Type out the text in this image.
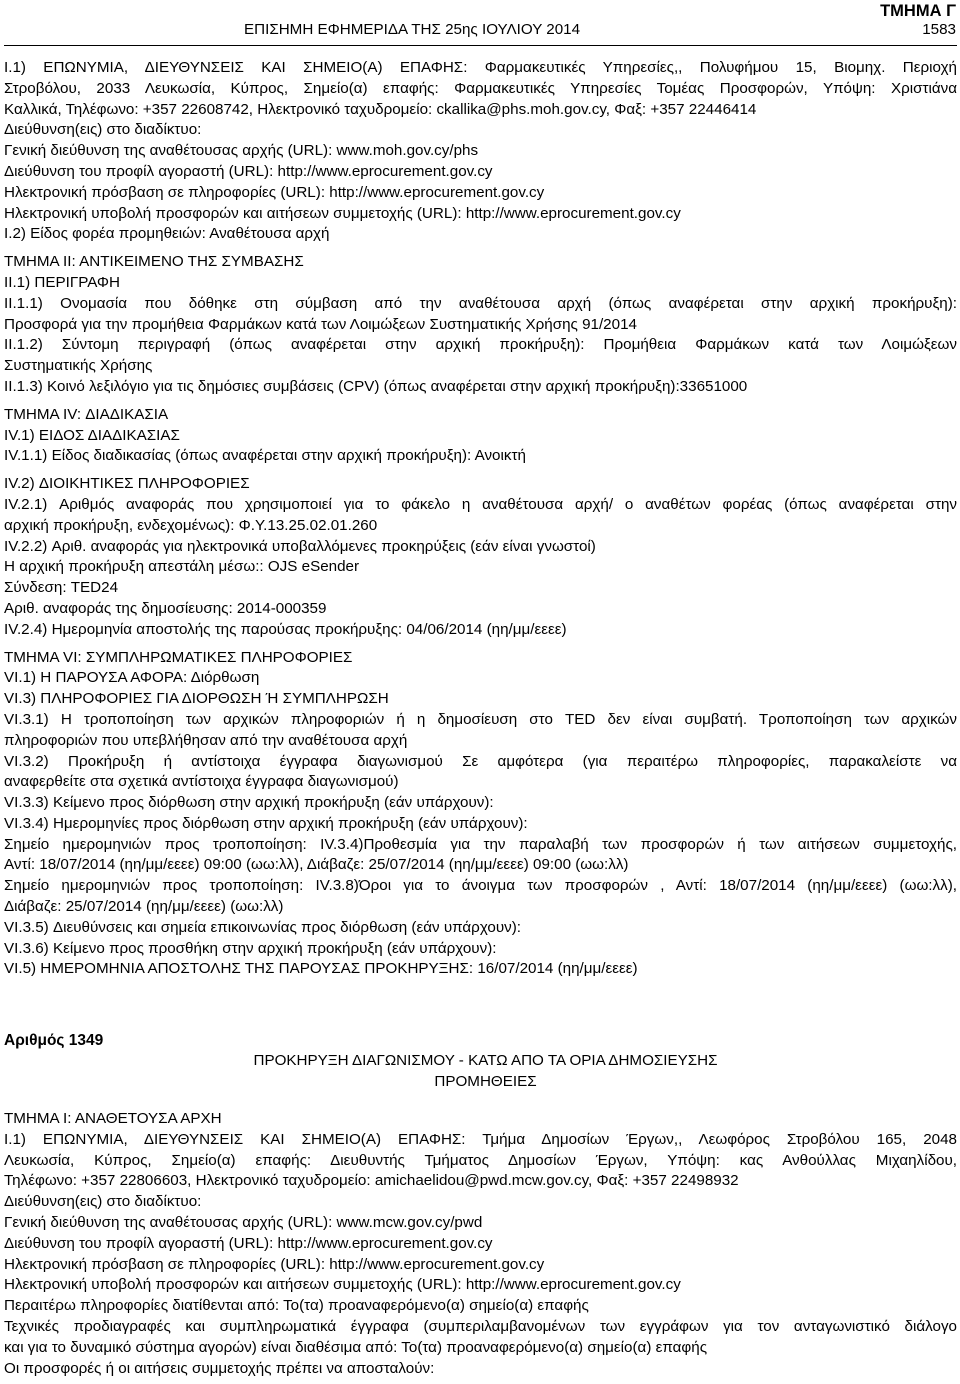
ΕΠΙΣΗΜΗ ΕΦΗΜΕΡΙΔΑ ΤΗΣ 25ης ΙΟΥΛΙΟΥ 2014
ΤΜΗΜΑ Γ
1583
Ι.1) ΕΠΩΝΥΜΙΑ, ΔΙΕΥΘΥΝΣΕΙΣ ΚΑΙ ΣΗΜΕΙΟ(Α) ΕΠΑΦΗΣ: Φαρμακευτικές Υπηρεσίες,, Πολυφήμου 15, Βιομηχ. Περιοχή
Στροβόλου, 2033 Λευκωσία, Κύπρος, Σημείο(α) επαφής: Φαρμακευτικές Υπηρεσίες Τομέας Προσφορών, Υπόψη: Χριστιάνα
Καλλικά, Τηλέφωνο: +357 22608742, Ηλεκτρονικό ταχυδρομείο: ckallika@phs.moh.gov.cy, Φαξ: +357 22446414
Διεύθυνση(εις) στο διαδίκτυο:
Γενική διεύθυνση της αναθέτουσας αρχής (URL): www.moh.gov.cy/phs
Διεύθυνση του προφίλ αγοραστή (URL): http://www.eprocurement.gov.cy
Ηλεκτρονική πρόσβαση σε πληροφορίες (URL): http://www.eprocurement.gov.cy
Ηλεκτρονική υποβολή προσφορών και αιτήσεων συμμετοχής (URL): http://www.eprocurement.gov.cy
Ι.2) Είδος φορέα προμηθειών: Αναθέτουσα αρχή
ΤΜΗΜΑ ΙΙ: ΑΝΤΙΚΕΙΜΕΝΟ ΤΗΣ ΣΥΜΒΑΣΗΣ
ΙΙ.1) ΠΕΡΙΓΡΑΦΗ
ΙΙ.1.1) Ονομασία που δόθηκε στη σύμβαση από την αναθέτουσα αρχή (όπως αναφέρεται στην αρχική προκήρυξη):
Προσφορά για την προμήθεια Φαρμάκων κατά των Λοιμώξεων Συστηματικής Χρήσης 91/2014
ΙΙ.1.2) Σύντομη περιγραφή (όπως αναφέρεται στην αρχική προκήρυξη): Προμήθεια Φαρμάκων κατά των Λοιμώξεων
Συστηματικής Χρήσης
ΙΙ.1.3) Κοινό λεξιλόγιο για τις δημόσιες συμβάσεις (CPV) (όπως αναφέρεται στην αρχική προκήρυξη):33651000
ΤΜΗΜΑ IV: ΔΙΑΔΙΚΑΣΙΑ
IV.1) ΕΙΔΟΣ ΔΙΑΔΙΚΑΣΙΑΣ
IV.1.1) Είδος διαδικασίας (όπως αναφέρεται στην αρχική προκήρυξη): Ανοικτή
IV.2) ΔΙΟΙΚΗΤΙΚΕΣ ΠΛΗΡΟΦΟΡΙΕΣ
IV.2.1) Αριθμός αναφοράς που χρησιμοποιεί για το φάκελο η αναθέτουσα αρχή/ ο αναθέτων φορέας (όπως αναφέρεται στην
αρχική προκήρυξη, ενδεχομένως): Φ.Υ.13.25.02.01.260
IV.2.2) Αριθ. αναφοράς για ηλεκτρονικά υποβαλλόμενες προκηρύξεις (εάν είναι γνωστοί)
Η αρχική προκήρυξη απεστάλη μέσω:: OJS eSender
Σύνδεση: TED24
Αριθ. αναφοράς της δημοσίευσης: 2014-000359
IV.2.4) Ημερομηνία αποστολής της παρούσας προκήρυξης: 04/06/2014 (ηη/μμ/εεεε)
ΤΜΗΜΑ VI: ΣΥΜΠΛΗΡΩΜΑΤΙΚΕΣ ΠΛΗΡΟΦΟΡΙΕΣ
VI.1) Η ΠΑΡΟΥΣΑ ΑΦΟΡΑ: Διόρθωση
VI.3) ΠΛΗΡΟΦΟΡΙΕΣ ΓΙΑ ΔΙΟΡΘΩΣΗ Ή ΣΥΜΠΛΗΡΩΣΗ
VI.3.1) Η τροποποίηση των αρχικών πληροφοριών ή η δημοσίευση στο TED δεν είναι συμβατή. Τροποποίηση των αρχικών
πληροφοριών που υπεβλήθησαν από την αναθέτουσα αρχή
VI.3.2) Προκήρυξη ή αντίστοιχα έγγραφα διαγωνισμού Σε αμφότερα (για περαιτέρω πληροφορίες, παρακαλείστε να
αναφερθείτε στα σχετικά αντίστοιχα έγγραφα διαγωνισμού)
VI.3.3) Κείμενο προς διόρθωση στην αρχική προκήρυξη (εάν υπάρχουν):
VI.3.4) Ημερομηνίες προς διόρθωση στην αρχική προκήρυξη (εάν υπάρχουν):
Σημείο ημερομηνιών προς τροποποίηση: IV.3.4)Προθεσμία για την παραλαβή των προσφορών ή των αιτήσεων συμμετοχής,
Αντί: 18/07/2014 (ηη/μμ/εεεε) 09:00 (ωω:λλ), Διάβαζε: 25/07/2014 (ηη/μμ/εεεε) 09:00 (ωω:λλ)
Σημείο ημερομηνιών προς τροποποίηση: IV.3.8)Όροι για το άνοιγμα των προσφορών , Αντί: 18/07/2014 (ηη/μμ/εεεε) (ωω:λλ),
Διάβαζε: 25/07/2014 (ηη/μμ/εεεε) (ωω:λλ)
VI.3.5) Διευθύνσεις και σημεία επικοινωνίας προς διόρθωση (εάν υπάρχουν):
VI.3.6) Κείμενο προς προσθήκη στην αρχική προκήρυξη (εάν υπάρχουν):
VI.5) ΗΜΕΡΟΜΗΝΙΑ ΑΠΟΣΤΟΛΗΣ ΤΗΣ ΠΑΡΟΥΣΑΣ ΠΡΟΚΗΡΥΞΗΣ: 16/07/2014 (ηη/μμ/εεεε)
Αριθμός 1349
ΠΡΟΚΗΡΥΞΗ ΔΙΑΓΩΝΙΣΜΟΥ - ΚΑΤΩ ΑΠΟ ΤΑ ΟΡΙΑ ΔΗΜΟΣΙΕΥΣΗΣ
ΠΡΟΜΗΘΕΙΕΣ
ΤΜΗΜΑ Ι: ΑΝΑΘΕΤΟΥΣΑ ΑΡΧΗ
Ι.1) ΕΠΩΝΥΜΙΑ, ΔΙΕΥΘΥΝΣΕΙΣ ΚΑΙ ΣΗΜΕΙΟ(Α) ΕΠΑΦΗΣ: Τμήμα Δημοσίων Έργων,, Λεωφόρος Στροβόλου 165, 2048
Λευκωσία, Κύπρος, Σημείο(α) επαφής: Διευθυντής Τμήματος Δημοσίων Έργων, Υπόψη: κας Ανθούλλας Μιχαηλίδου,
Τηλέφωνο: +357 22806603, Ηλεκτρονικό ταχυδρομείο: amichaelidou@pwd.mcw.gov.cy, Φαξ: +357 22498932
Διεύθυνση(εις) στο διαδίκτυο:
Γενική διεύθυνση της αναθέτουσας αρχής (URL): www.mcw.gov.cy/pwd
Διεύθυνση του προφίλ αγοραστή (URL): http://www.eprocurement.gov.cy
Ηλεκτρονική πρόσβαση σε πληροφορίες (URL): http://www.eprocurement.gov.cy
Ηλεκτρονική υποβολή προσφορών και αιτήσεων συμμετοχής (URL): http://www.eprocurement.gov.cy
Περαιτέρω πληροφορίες διατίθενται από: Το(τα) προαναφερόμενο(α) σημείο(α) επαφής
Τεχνικές προδιαγραφές και συμπληρωματικά έγγραφα (συμπεριλαμβανομένων των εγγράφων για τον ανταγωνιστικό διάλογο
και για το δυναμικό σύστημα αγορών) είναι διαθέσιμα από: Το(τα) προαναφερόμενο(α) σημείο(α) επαφής
Οι προσφορές ή οι αιτήσεις συμμετοχής πρέπει να αποσταλούν:
